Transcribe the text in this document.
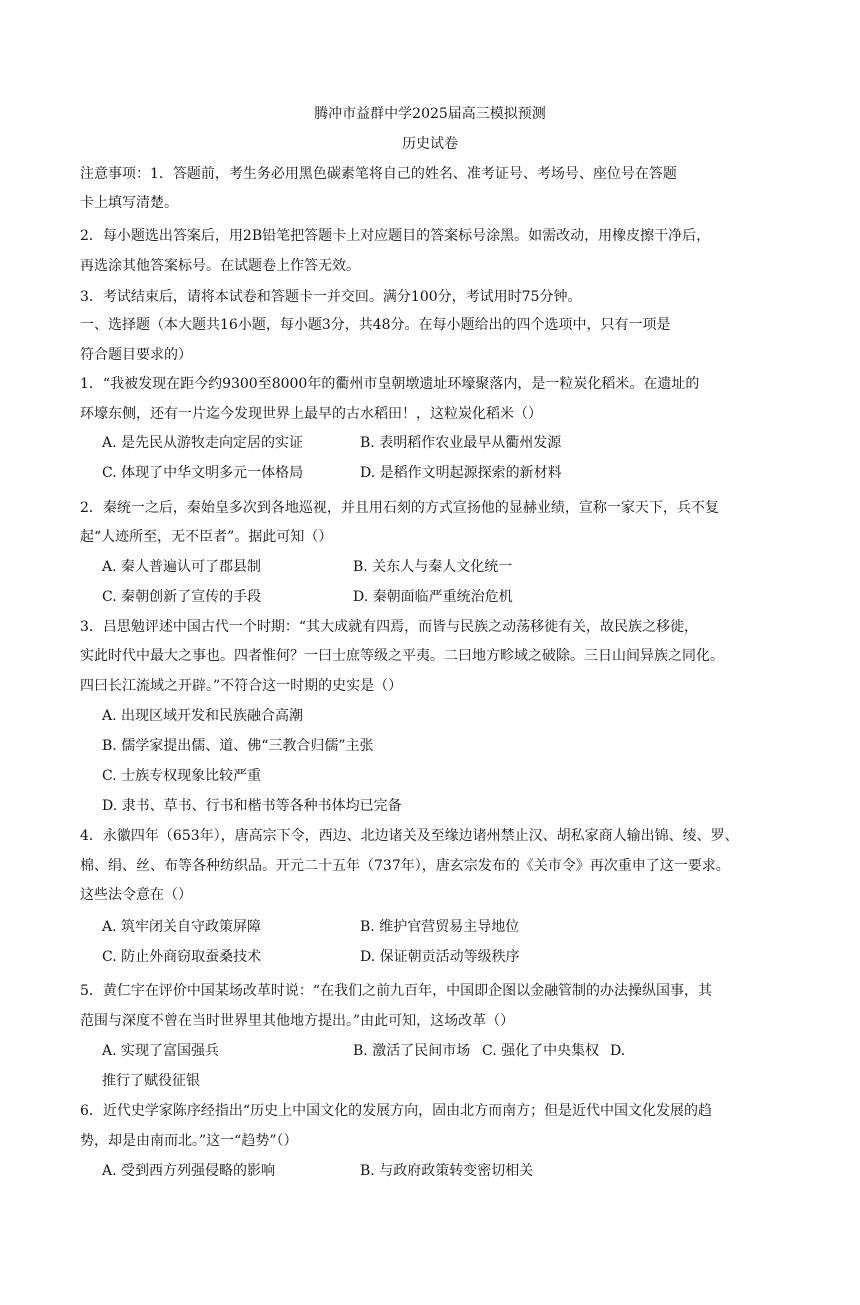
腾冲市益群中学2025届高三模拟预测
历史试卷
注意事项：1．答题前，考生务必用黑色碳素笔将自己的姓名、准考证号、考场号、座位号在答题
卡上填写清楚。
2．每小题选出答案后，用2B铅笔把答题卡上对应题目的答案标号涂黑。如需改动，用橡皮擦干净后，
再选涂其他答案标号。在试题卷上作答无效。
3．考试结束后，请将本试卷和答题卡一并交回。满分100分，考试用时75分钟。
一、选择题（本大题共16小题，每小题3分，共48分。在每小题给出的四个选项中，只有一项是
符合题目要求的）
1．“我被发现在距今约9300至8000年的衢州市皇朝墩遗址环壕聚落内，是一粒炭化稻米。在遗址的
环壕东侧，还有一片迄今发现世界上最早的古水稻田！，这粒炭化稻米（）
A. 是先民从游牧走向定居的实证	B. 表明稻作农业最早从衢州发源
C. 体现了中华文明多元一体格局	D. 是稻作文明起源探索的新材料
2．秦统一之后，秦始皇多次到各地巡视，并且用石刻的方式宣扬他的显赫业绩，宣称一家天下，兵不复
起“人迹所至，无不臣者”。据此可知（）
A. 秦人普遍认可了郡县制	B. 关东人与秦人文化统一
C. 秦朝创新了宣传的手段	D. 秦朝面临严重统治危机
3．吕思勉评述中国古代一个时期：“其大成就有四焉，而皆与民族之动荡移徙有关，故民族之移徙，
实此时代中最大之事也。四者惟何？一曰士庶等级之平夷。二曰地方畛域之破除。三日山间异族之同化。
四曰长江流域之开辟。”不符合这一时期的史实是（）
A. 出现区域开发和民族融合高潮
B. 儒学家提出儒、道、佛“三教合归儒”主张
C. 士族专权现象比较严重
D. 隶书、草书、行书和楷书等各种书体均已完备
4．永徽四年（653年），唐高宗下令，西边、北边诸关及至缘边诸州禁止汉、胡私家商人输出锦、绫、罗、
棉、绢、丝、布等各种纺织品。开元二十五年（737年），唐玄宗发布的《关市令》再次重申了这一要求。
这些法令意在（）
A. 筑牢闭关自守政策屏障	B. 维护官营贸易主导地位
C. 防止外商窃取蚕桑技术	D. 保证朝贡活动等级秩序
5．黄仁宇在评价中国某场改革时说：“在我们之前九百年，中国即企图以金融管制的办法操纵国事，其
范围与深度不曾在当时世界里其他地方提出。”由此可知，这场改革（）
A. 实现了富国强兵	B. 激活了民间市场 C. 强化了中央集权 D.
推行了赋役征银
6．近代史学家陈序经指出“历史上中国文化的发展方向，固由北方而南方；但是近代中国文化发展的趋
势，却是由南而北。”这一“趋势”（）
A. 受到西方列强侵略的影响	B. 与政府政策转变密切相关
